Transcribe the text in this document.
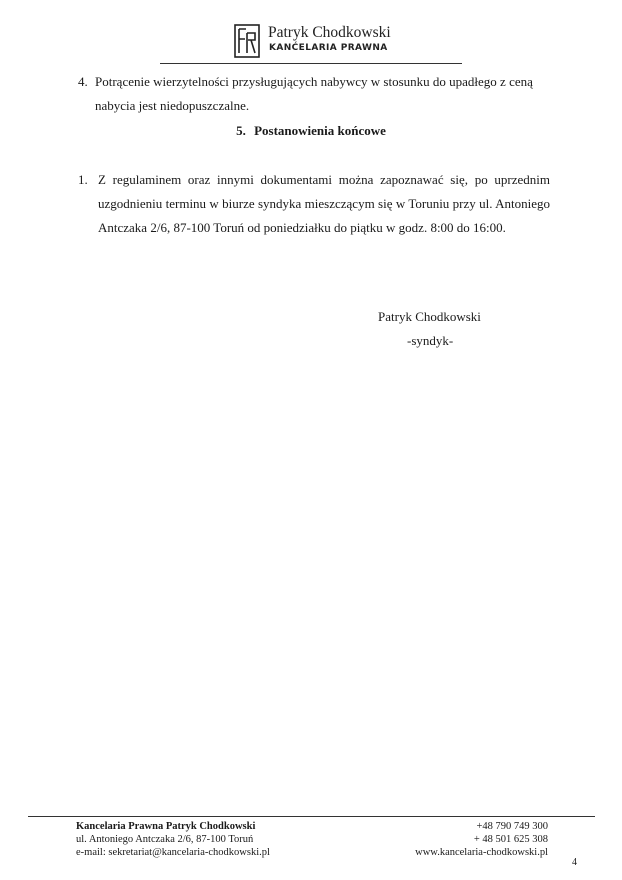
Patryk Chodkowski
KANĆELARIA PRAWNA
4. Potrącenie wierzytelności przysługujących nabywcy w stosunku do upadłego z ceną nabycia jest niedopuszczalne.
5. Postanowienia końcowe
1. Z regulaminem oraz innymi dokumentami można zapoznawać się, po uprzednim uzgodnieniu terminu w biurze syndyka mieszczącym się w Toruniu przy ul. Antoniego Antczaka 2/6, 87-100 Toruń od poniedziałku do piątku w godz. 8:00 do 16:00.
Patryk Chodkowski
-syndyk-
Kancelaria Prawna Patryk Chodkowski
ul. Antoniego Antczaka 2/6, 87-100 Toruń
e-mail: sekretariat@kancelaria-chodkowski.pl
+48 790 749 300
+ 48 501 625 308
www.kancelaria-chodkowski.pl
4
